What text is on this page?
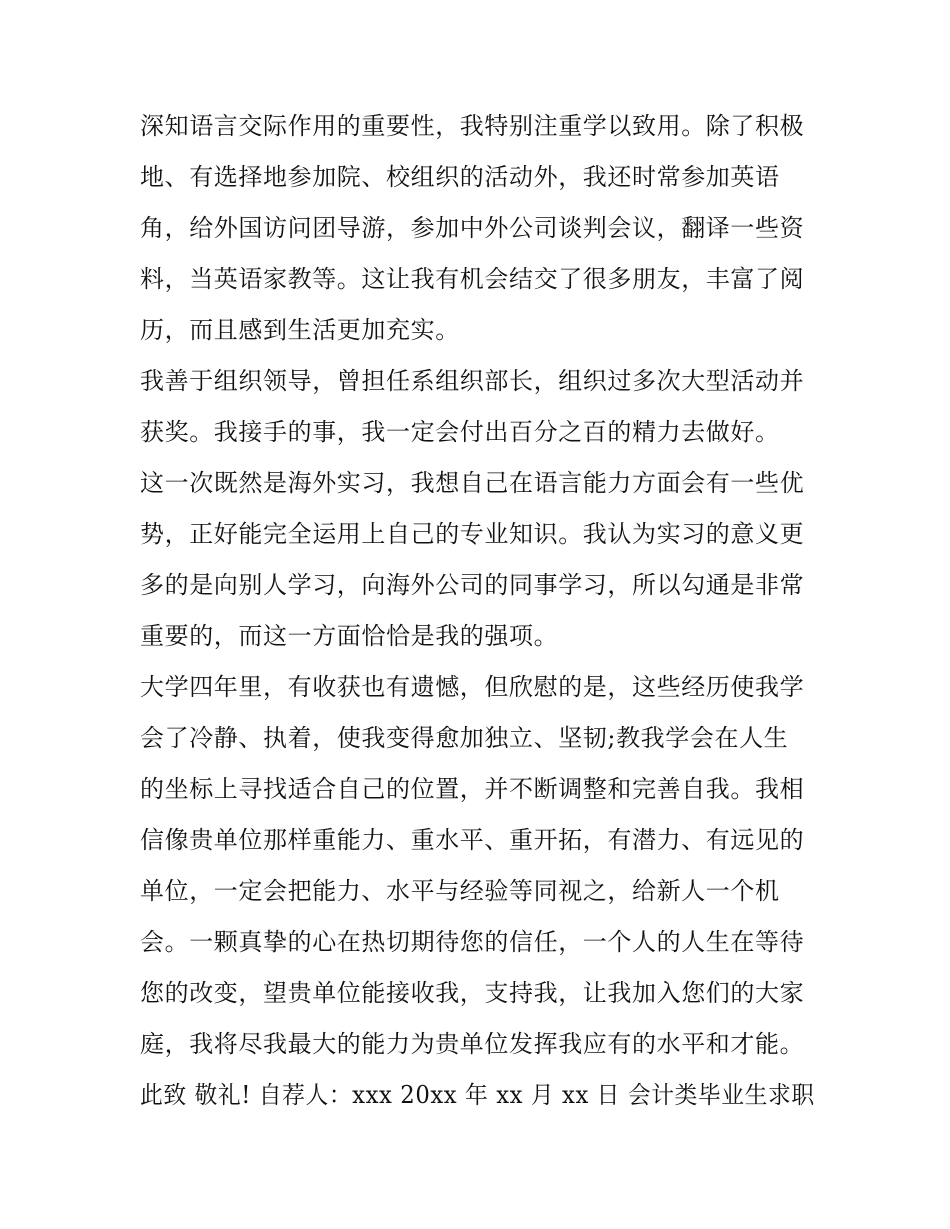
深知语言交际作用的重要性，我特别注重学以致用。除了积极
地、有选择地参加院、校组织的活动外，我还时常参加英语
角，给外国访问团导游，参加中外公司谈判会议，翻译一些资
料，当英语家教等。这让我有机会结交了很多朋友，丰富了阅
历，而且感到生活更加充实。
我善于组织领导，曾担任系组织部长，组织过多次大型活动并
获奖。我接手的事，我一定会付出百分之百的精力去做好。
这一次既然是海外实习，我想自己在语言能力方面会有一些优
势，正好能完全运用上自己的专业知识。我认为实习的意义更
多的是向别人学习，向海外公司的同事学习，所以勾通是非常
重要的，而这一方面恰恰是我的强项。
大学四年里，有收获也有遗憾，但欣慰的是，这些经历使我学
会了冷静、执着，使我变得愈加独立、坚韧;教我学会在人生
的坐标上寻找适合自己的位置，并不断调整和完善自我。我相
信像贵单位那样重能力、重水平、重开拓，有潜力、有远见的
单位，一定会把能力、水平与经验等同视之，给新人一个机
会。一颗真挚的心在热切期待您的信任，一个人的人生在等待
您的改变，望贵单位能接收我，支持我，让我加入您们的大家
庭，我将尽我最大的能力为贵单位发挥我应有的水平和才能。
此致 敬礼! 自荐人：xxx 20xx 年 xx 月 xx 日 会计类毕业生求职
